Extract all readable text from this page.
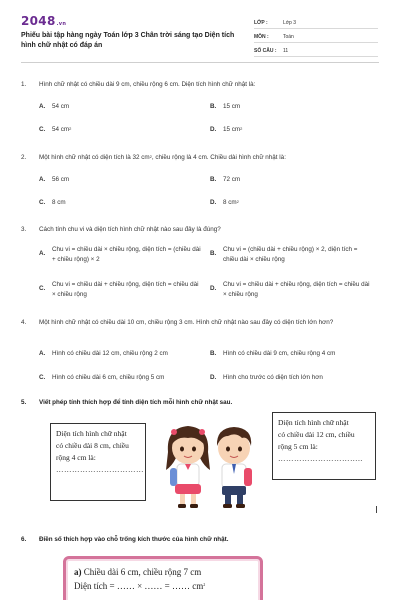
2048.vn
Phiếu bài tập hàng ngày Toán lớp 3 Chân trời sáng tạo Diện tích hình chữ nhật có đáp án
LỚP :	Lớp 3
MÔN :	Toán
SỐ CÂU :	11
1. Hình chữ nhật có chiều dài 9 cm, chiều rộng 6 cm. Diện tích hình chữ nhật là:
A.	54 cm	B.	15 cm
C.	54 $cm^2$	D.	15 $cm^2$
2. Một hình chữ nhật có diện tích là 32 $cm^2$, chiều rộng là 4 cm. Chiều dài hình chữ nhật là:
A.	56 cm	B.	72 cm
C.	8 cm	D.	8 $cm^2$
3. Cách tính chu vi và diện tích hình chữ nhật nào sau đây là đúng?
A.
Chu vi = chiều dài × chiều rộng, diện tích = (chiều dài + chiều rộng) × 2
B.
Chu vi = (chiều dài + chiều rộng) × 2, diện tích = chiều dài × chiều rộng
C.
Chu vi = chiều dài + chiều rộng, diện tích = chiều dài × chiều rộng
D.
Chu vi = chiều dài + chiều rộng, diện tích = chiều dài × chiều rộng
4. Một hình chữ nhật có chiều dài 10 cm, chiều rộng 3 cm. Hình chữ nhật nào sau đây có diện tích lớn hơn?
A.	Hình có chiều dài 12 cm, chiều rộng 2 cm	B.	Hình có chiều dài 9 cm, chiều rộng 4 cm
C.	Hình có chiều dài 6 cm, chiều rộng 5 cm	D.	Hình cho trước có diện tích lớn hơn
5. Viết phép tính thích hợp để tính diện tích mỗi hình chữ nhật sau.
Diện tích hình chữ nhật
có chiều dài 8 cm, chiều
rộng 4 cm là:
……………………………
Diện tích hình chữ nhật
có chiều dài 12 cm, chiều
rộng 5 cm là:
…………………………..
6. Điền số thích hợp vào chỗ trống kích thước của hình chữ nhật.
a) Chiều dài 6 cm, chiều rộng 7 cm
Diện tích = …… × …… = …… $cm^2$
